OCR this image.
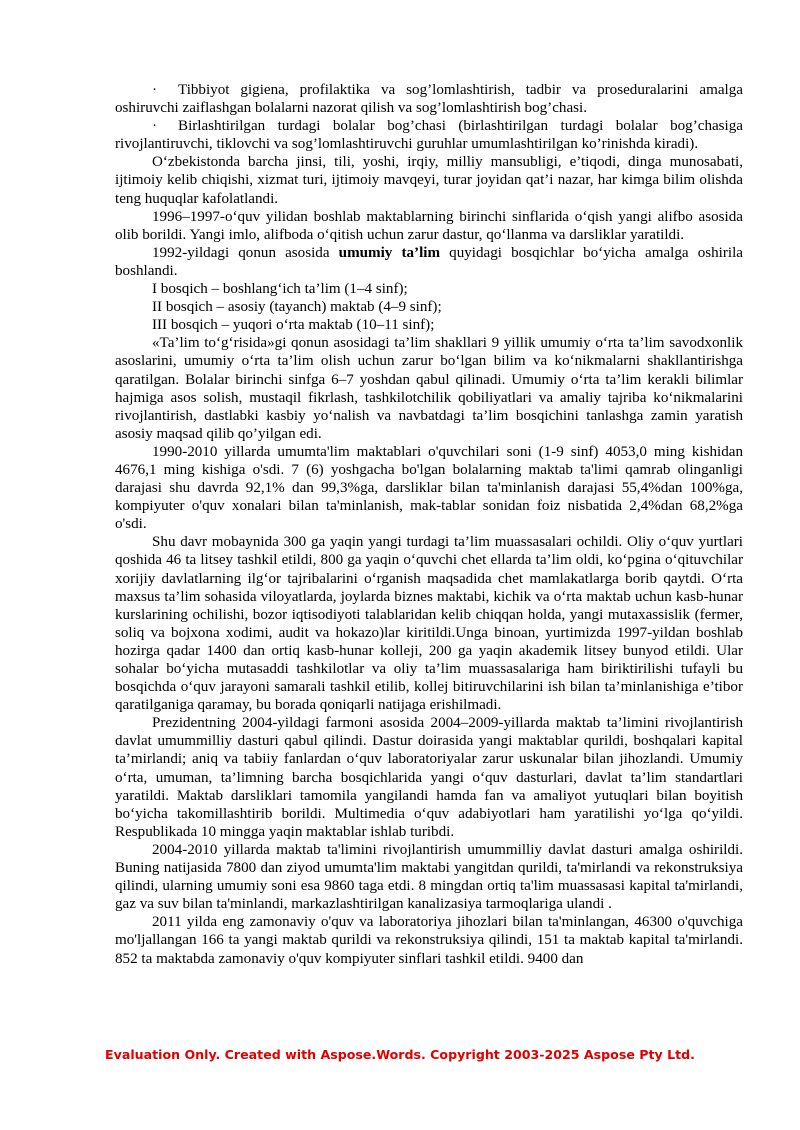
· Tibbiyot gigiena, profilaktika va sog’lomlashtirish, tadbir va proseduralarini amalga oshiruvchi zaiflashgan bolalarni nazorat qilish va sog’lomlashtirish bog’chasi.

· Birlashtirilgan turdagi bolalar bog’chasi (birlashtirilgan turdagi bolalar bog’chasiga rivojlantiruvchi, tiklovchi va sog’lomlashtiruvchi guruhlar umumlashtirilgan ko’rinishda kiradi).

O‘zbekistonda barcha jinsi, tili, yoshi, irqiy, milliy mansubligi, e’tiqodi, dinga munosabati, ijtimoiy kelib chiqishi, xizmat turi, ijtimoiy mavqeyi, turar joyidan qat’i nazar, har kimga bilim olishda teng huquqlar kafolatlandi.

1996–1997-o‘quv yilidan boshlab maktablarning birinchi sinflarida o‘qish yangi alifbo asosida olib borildi. Yangi imlo, alifboda o‘qitish uchun zarur dastur, qo‘llanma va darsliklar yaratildi.

1992-yildagi qonun asosida umumiy ta’lim quyidagi bosqichlar bo‘yicha amalga oshirila boshlandi.

I bosqich – boshlang‘ich ta’lim (1–4 sinf);

II bosqich – asosiy (tayanch) maktab (4–9 sinf);

III bosqich – yuqori o‘rta maktab (10–11 sinf);

«Ta’lim to‘g‘risida»gi qonun asosidagi ta’lim shakllari 9 yillik umumiy o‘rta ta’lim savodxonlik asoslarini, umumiy o‘rta ta’lim olish uchun zarur bo‘lgan bilim va ko‘nikmalarni shakllantirishga qaratilgan. Bolalar birinchi sinfga 6–7 yoshdan qabul qilinadi. Umumiy o‘rta ta’lim kerakli bilimlar hajmiga asos solish, mustaqil fikrlash, tashkilotchilik qobiliyatlari va amaliy tajriba ko‘nikmalarini rivojlantirish, dastlabki kasbiy yo‘nalish va navbatdagi ta’lim bosqichini tanlashga zamin yaratish asosiy maqsad qilib qo’yilgan edi.

1990-2010 yillarda umumta'lim maktablari o'quvchilari soni (1-9 sinf) 4053,0 ming kishidan 4676,1 ming kishiga o'sdi. 7 (6) yoshgacha bo'lgan bolalarning maktab ta'limi qamrab olinganligi darajasi shu davrda 92,1% dan 99,3%ga, darsliklar bilan ta'minlanish darajasi 55,4%dan 100%ga, kompiyuter o'quv xonalari bilan ta'minlanish, mak-tablar sonidan foiz nisbatida 2,4%dan 68,2%ga o'sdi.

Shu davr mobaynida 300 ga yaqin yangi turdagi ta’lim muassasalari ochildi. Oliy o‘quv yurtlari qoshida 46 ta litsey tashkil etildi, 800 ga yaqin o‘quvchi chet ellarda ta’lim oldi, ko‘pgina o‘qituvchilar xorijiy davlatlarning ilg‘or tajribalarini o‘rganish maqsadida chet mamlakatlarga borib qaytdi. O‘rta maxsus ta’lim sohasida viloyatlarda, joylarda biznes maktabi, kichik va o‘rta maktab uchun kasb-hunar kurslarining ochilishi, bozor iqtisodiyoti talablaridan kelib chiqqan holda, yangi mutaxassislik (fermer, soliq va bojxona xodimi, audit va hokazo)lar kiritildi.Unga binoan, yurtimizda 1997-yildan boshlab hozirga qadar 1400 dan ortiq kasb-hunar kolleji, 200 ga yaqin akademik litsey bunyod etildi. Ular sohalar bo‘yicha mutasaddi tashkilotlar va oliy ta’lim muassasalariga ham biriktirilishi tufayli bu bosqichda o‘quv jarayoni samarali tashkil etilib, kollej bitiruvchilarini ish bilan ta’minlanishiga e’tibor qaratilganiga qaramay, bu borada qoniqarli natijaga erishilmadi.

Prezidentning 2004-yildagi farmoni asosida 2004–2009-yillarda maktab ta’limini rivojlantirish davlat umummilliy dasturi qabul qilindi. Dastur doirasida yangi maktablar qurildi, boshqalari kapital ta’mirlandi; aniq va tabiiy fanlardan o‘quv laboratoriyalar zarur uskunalar bilan jihozlandi. Umumiy o‘rta, umuman, ta’limning barcha bosqichlarida yangi o‘quv dasturlari, davlat ta’lim standartlari yaratildi. Maktab darsliklari tamomila yangilandi hamda fan va amaliyot yutuqlari bilan boyitish bo‘yicha takomillashtirib borildi. Multimedia o‘quv adabiyotlari ham yaratilishi yo‘lga qo‘yildi. Respublikada 10 mingga yaqin maktablar ishlab turibdi.

2004-2010 yillarda maktab ta'limini rivojlantirish umummilliy davlat dasturi amalga oshirildi. Buning natijasida 7800 dan ziyod umumta'lim maktabi yangitdan qurildi, ta'mirlandi va rekonstruksiya qilindi, ularning umumiy soni esa 9860 taga etdi. 8 mingdan ortiq ta'lim muassasasi kapital ta'mirlandi, gaz va suv bilan ta'minlandi, markazlashtirilgan kanalizasiya tarmoqlariga ulandi .

2011 yilda eng zamonaviy o'quv va laboratoriya jihozlari bilan ta'minlangan, 46300 o'quvchiga mo'ljallangan 166 ta yangi maktab qurildi va rekonstruksiya qilindi, 151 ta maktab kapital ta'mirlandi. 852 ta maktabda zamonaviy o'quv kompiyuter sinflari tashkil etildi. 9400 dan

Evaluation Only. Created with Aspose.Words. Copyright 2003-2025 Aspose Pty Ltd.
